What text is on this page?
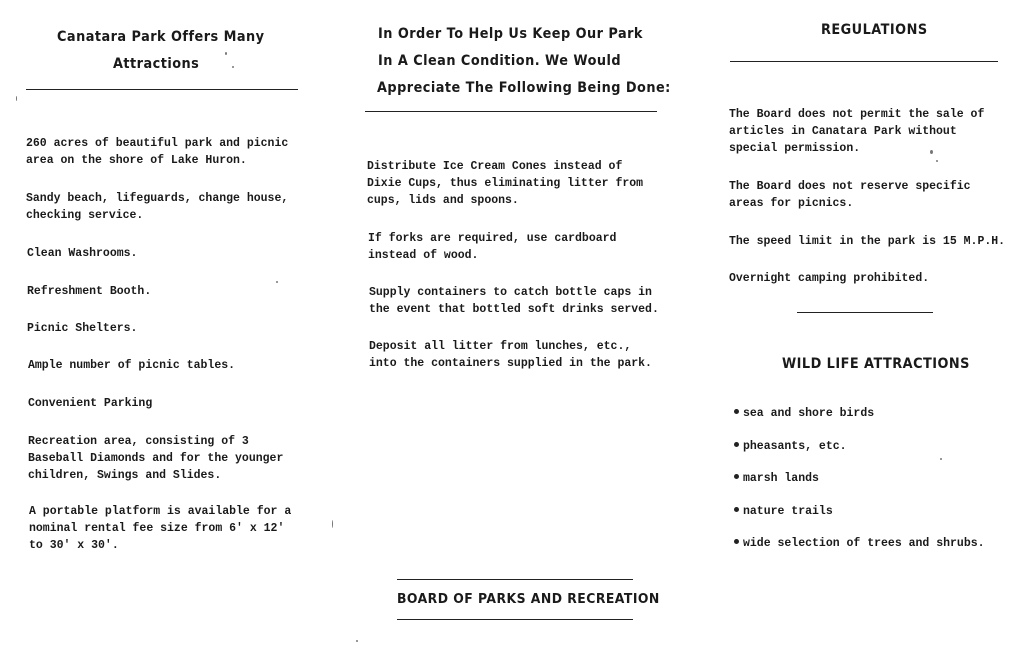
Canatara Park Offers Many
Attractions
260 acres of beautiful park and picnic area on the shore of Lake Huron.
Sandy beach, lifeguards, change house, checking service.
Clean Washrooms.
Refreshment Booth.
Picnic Shelters.
Ample number of picnic tables.
Convenient Parking
Recreation area, consisting of 3 Baseball Diamonds and for the younger children, Swings and Slides.
A portable platform is available for a nominal rental fee size from 6' x 12' to 30' x 30'.
In Order To Help Us Keep Our Park
In A Clean Condition. We Would
Appreciate The Following Being Done:
Distribute Ice Cream Cones instead of Dixie Cups, thus eliminating litter from cups, lids and spoons.
If forks are required, use cardboard instead of wood.
Supply containers to catch bottle caps in the event that bottled soft drinks served.
Deposit all litter from lunches, etc., into the containers supplied in the park.
BOARD OF PARKS AND RECREATION
REGULATIONS
The Board does not permit the sale of articles in Canatara Park without special permission.
The Board does not reserve specific areas for picnics.
The speed limit in the park is 15 M.P.H.
Overnight camping prohibited.
WILD LIFE ATTRACTIONS
sea and shore birds
pheasants, etc.
marsh lands
nature trails
wide selection of trees and shrubs.
